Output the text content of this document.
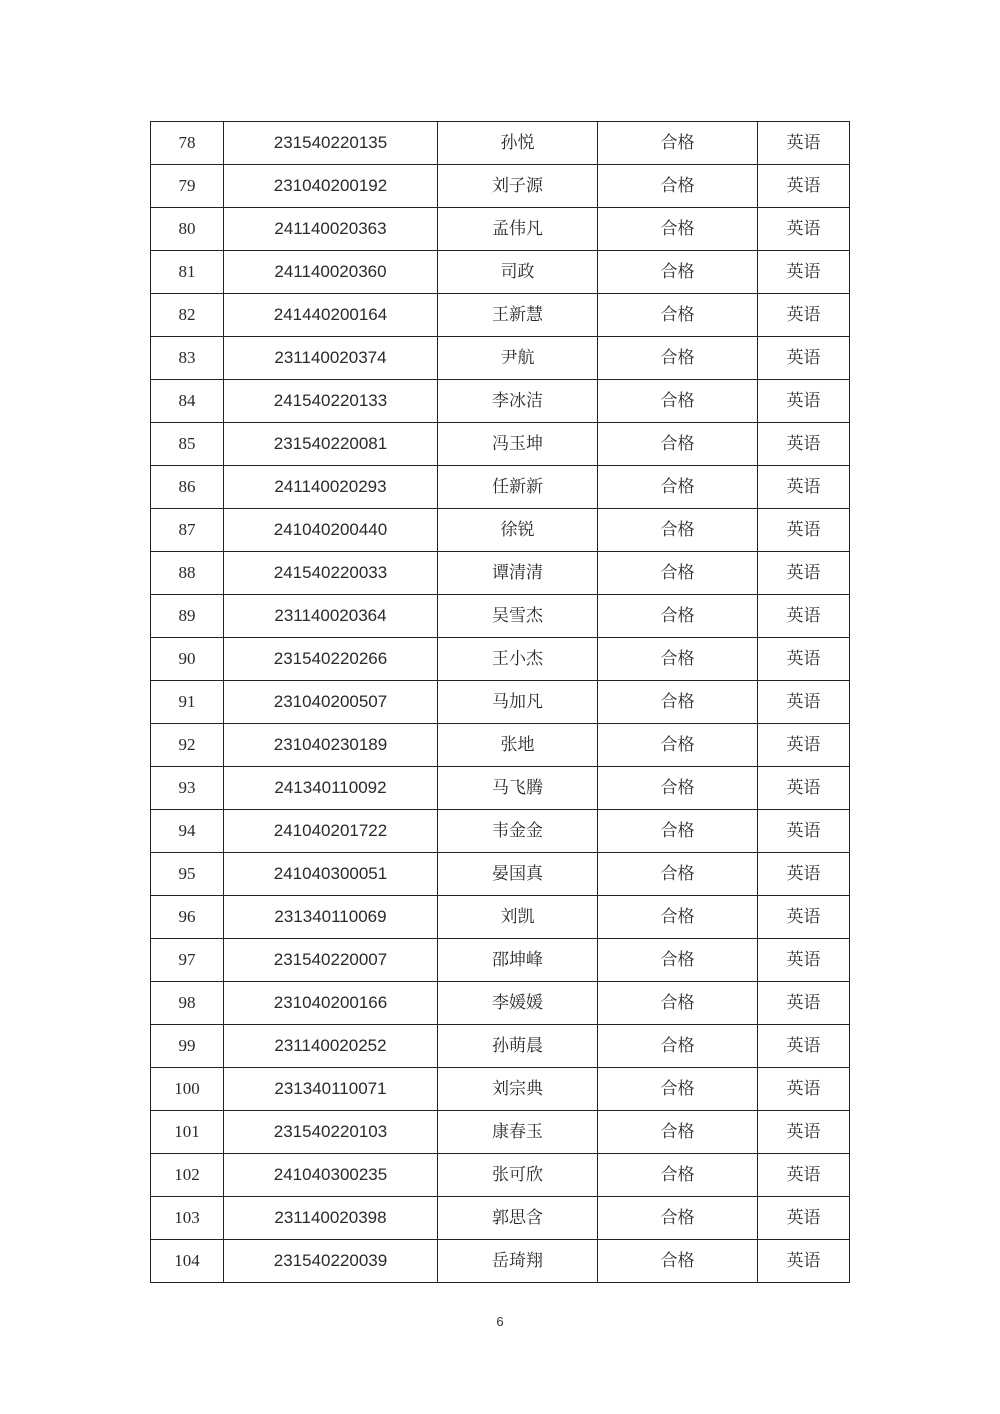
78	231540220135	孙悦	合格	英语
79	231040200192	刘子源	合格	英语
80	241140020363	孟伟凡	合格	英语
81	241140020360	司政	合格	英语
82	241440200164	王新慧	合格	英语
83	231140020374	尹航	合格	英语
84	241540220133	李冰洁	合格	英语
85	231540220081	冯玉坤	合格	英语
86	241140020293	任新新	合格	英语
87	241040200440	徐锐	合格	英语
88	241540220033	谭清清	合格	英语
89	231140020364	吴雪杰	合格	英语
90	231540220266	王小杰	合格	英语
91	231040200507	马加凡	合格	英语
92	231040230189	张地	合格	英语
93	241340110092	马飞腾	合格	英语
94	241040201722	韦金金	合格	英语
95	241040300051	晏国真	合格	英语
96	231340110069	刘凯	合格	英语
97	231540220007	邵坤峰	合格	英语
98	231040200166	李媛媛	合格	英语
99	231140020252	孙萌晨	合格	英语
100	231340110071	刘宗典	合格	英语
101	231540220103	康春玉	合格	英语
102	241040300235	张可欣	合格	英语
103	231140020398	郭思含	合格	英语
104	231540220039	岳琦翔	合格	英语
6
